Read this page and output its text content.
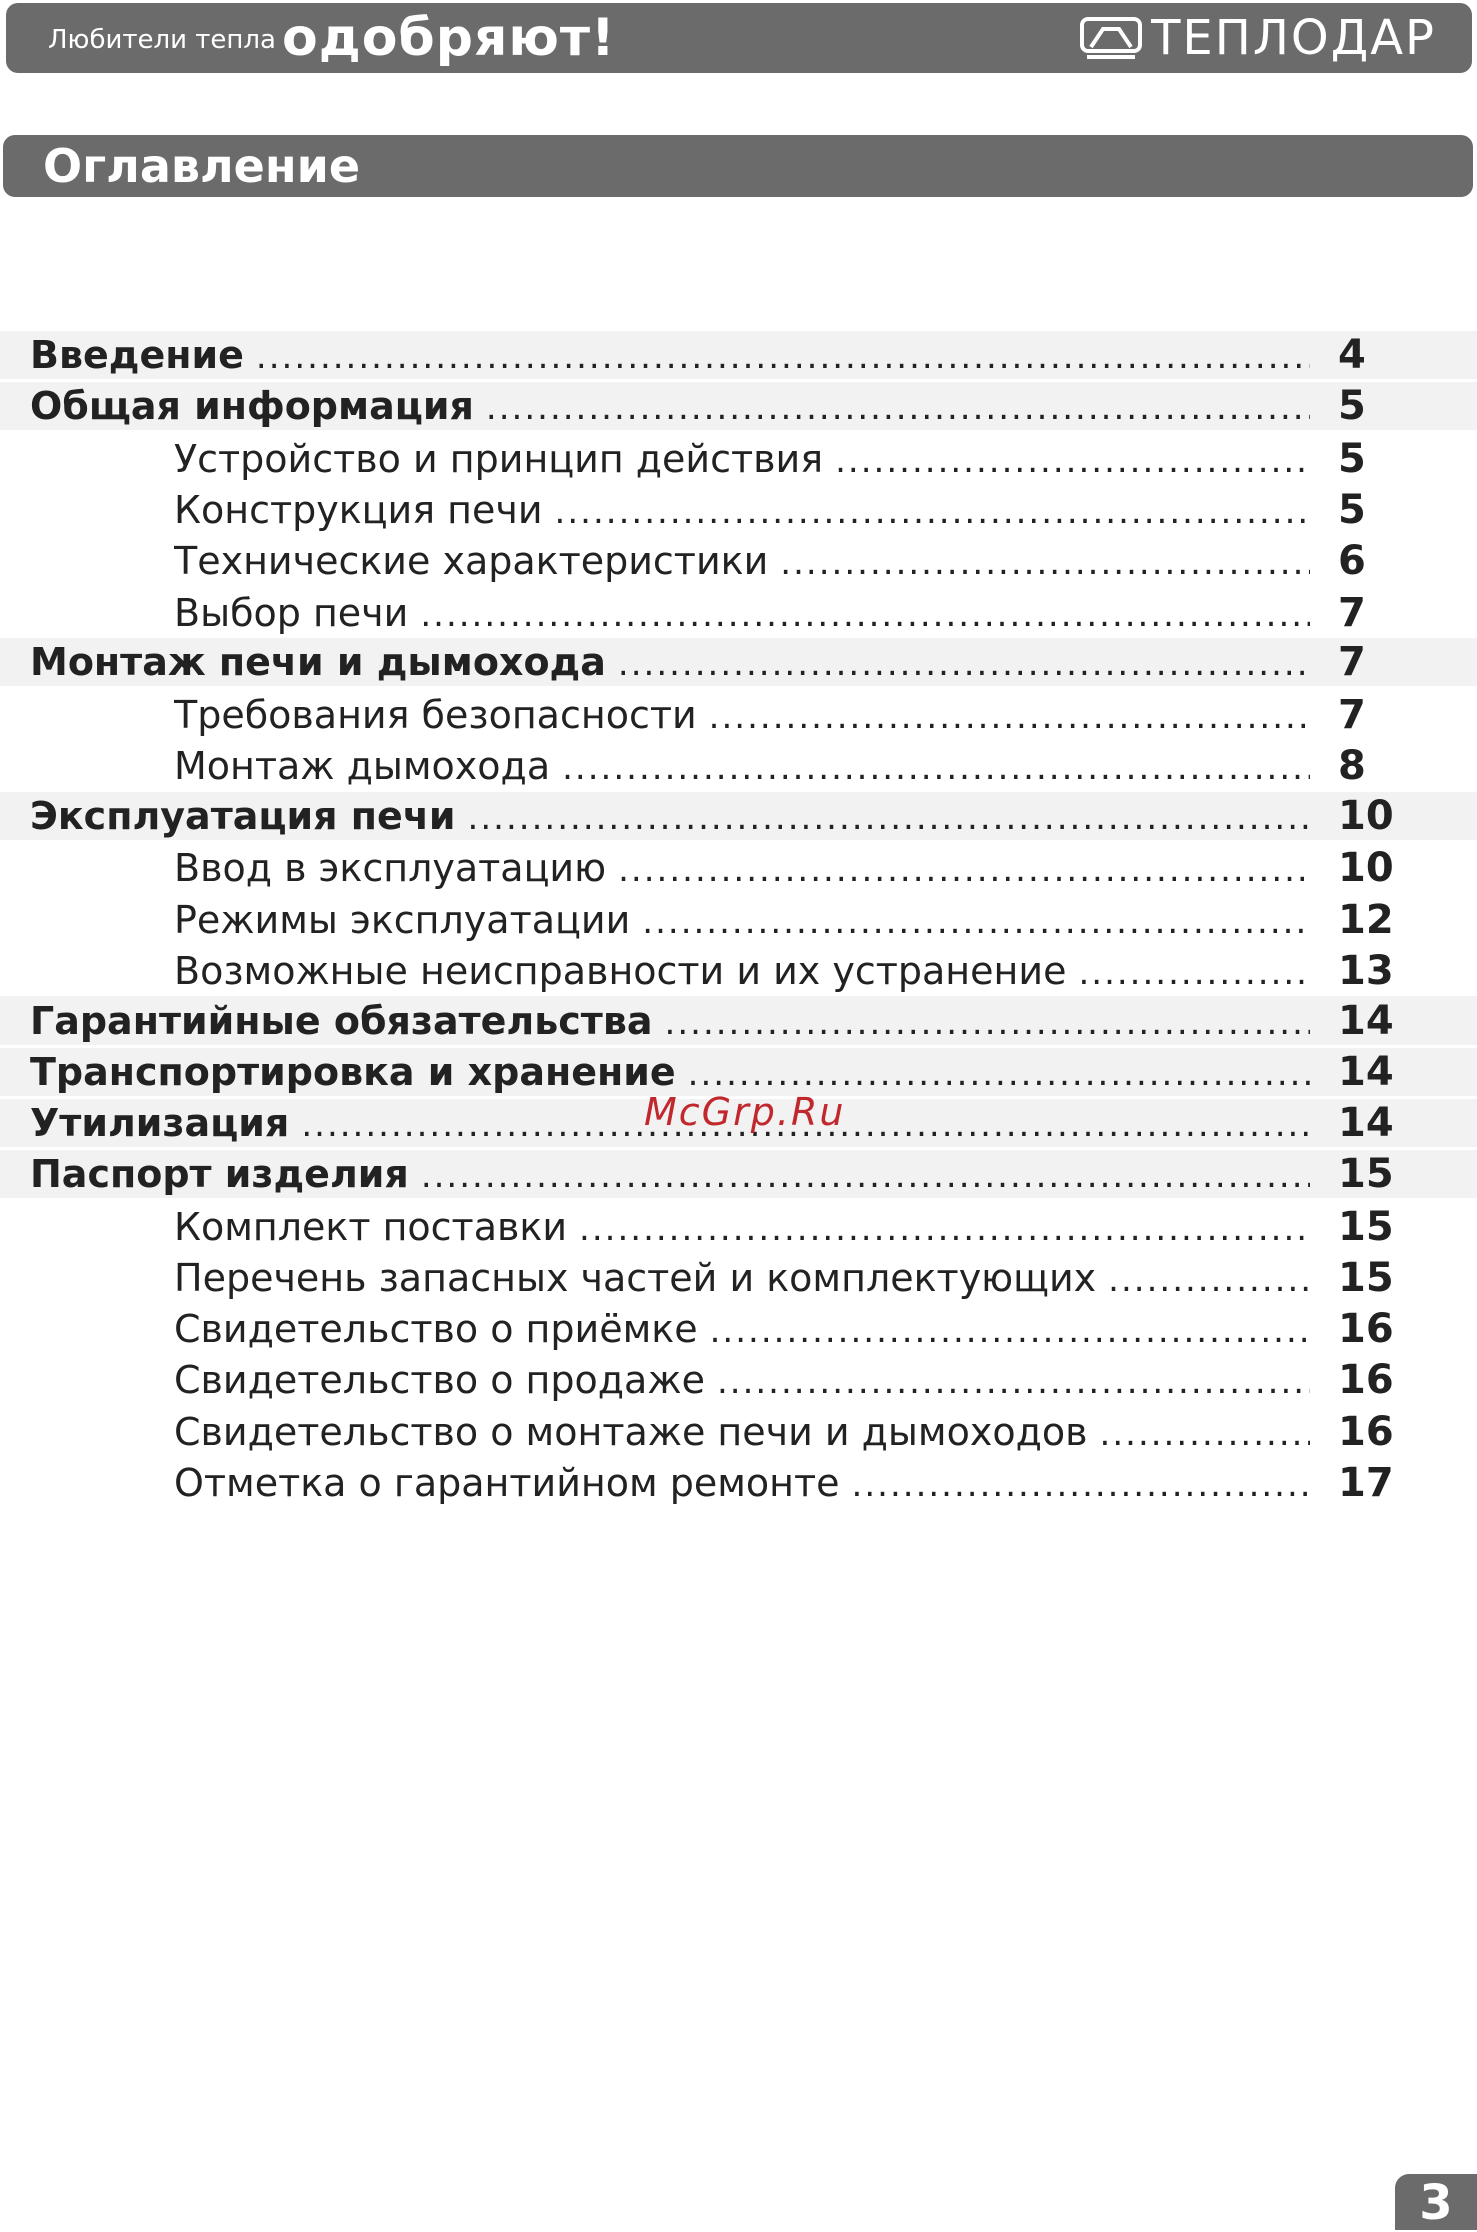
Любители тепла одобряют!	ТЕПЛОДАР
Оглавление
Введение .....	4
Общая информация .....	5
Устройство и принцип действия .....	5
Конструкция печи .....	5
Технические характеристики .....	6
Выбор печи .....	7
Монтаж печи и дымохода .....	7
Требования безопасности .....	7
Монтаж дымохода .....	8
Эксплуатация печи .....	10
Ввод в эксплуатацию .....	10
Режимы эксплуатации .....	12
Возможные неисправности и их устранение .....	13
Гарантийные обязательства .....	14
Транспортировка и хранение .....	14
Утилизация .....	14
Паспорт изделия .....	15
Комплект поставки .....	15
Перечень запасных частей и комплектующих .....	15
Свидетельство о приёмке .....	16
Свидетельство о продаже .....	16
Свидетельство о монтаже печи и дымоходов .....	16
Отметка о гарантийном ремонте .....	17
McGrp.Ru
3
